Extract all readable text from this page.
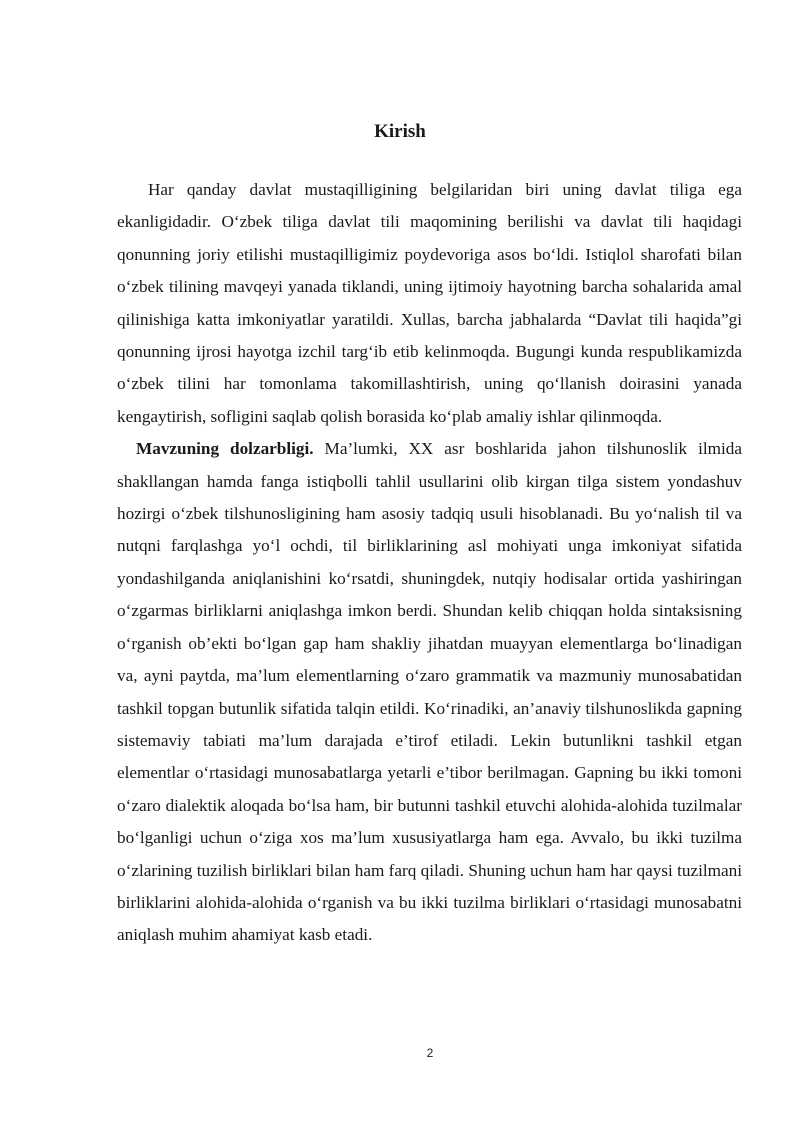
Kirish

Har qanday davlat mustaqilligining belgilaridan biri uning davlat tiliga ega ekanligidadir. O‘zbek tiliga davlat tili maqomining berilishi va davlat tili haqidagi qonunning joriy etilishi mustaqilligimiz poydevoriga asos bo‘ldi. Istiqlol sharofati bilan o‘zbek tilining mavqeyi yanada tiklandi, uning ijtimoiy hayotning barcha sohalarida amal qilinishiga katta imkoniyatlar yaratildi. Xullas, barcha jabhalarda “Davlat tili haqida”gi qonunning ijrosi hayotga izchil targ‘ib etib kelinmoqda. Bugungi kunda respublikamizda o‘zbek tilini har tomonlama takomillashtirish, uning qo‘llanish doirasini yanada kengaytirish, sofligini saqlab qolish borasida ko‘plab amaliy ishlar qilinmoqda.

Mavzuning dolzarbligi. Ma’lumki, XX asr boshlarida jahon tilshunoslik ilmida shakllangan hamda fanga istiqbolli tahlil usullarini olib kirgan tilga sistem yondashuv hozirgi o‘zbek tilshunosligining ham asosiy tadqiq usuli hisoblanadi. Bu yo‘nalish til va nutqni farqlashga yo‘l ochdi, til birliklarining asl mohiyati unga imkoniyat sifatida yondashilganda aniqlanishini ko‘rsatdi, shuningdek, nutqiy hodisalar ortida yashiringan o‘zgarmas birliklarni aniqlashga imkon berdi. Shundan kelib chiqqan holda sintaksisning o‘rganish ob’ekti bo‘lgan gap ham shakliy jihatdan muayyan elementlarga bo‘linadigan va, ayni paytda, ma’lum elementlarning o‘zaro grammatik va mazmuniy munosabatidan tashkil topgan butunlik sifatida talqin etildi. Ko‘rinadiki, an’anaviy tilshunoslikda gapning sistemaviy tabiati ma’lum darajada e’tirof etiladi. Lekin butunlikni tashkil etgan elementlar o‘rtasidagi munosabatlarga yetarli e’tibor berilmagan. Gapning bu ikki tomoni o‘zaro dialektik aloqada bo‘lsa ham, bir butunni tashkil etuvchi alohida-alohida tuzilmalar bo‘lganligi uchun o‘ziga xos ma’lum xususiyatlarga ham ega. Avvalo, bu ikki tuzilma o‘zlarining tuzilish birliklari bilan ham farq qiladi. Shuning uchun ham har qaysi tuzilmani birliklarini alohida-alohida o‘rganish va bu ikki tuzilma birliklari o‘rtasidagi munosabatni aniqlash muhim ahamiyat kasb etadi.

2
